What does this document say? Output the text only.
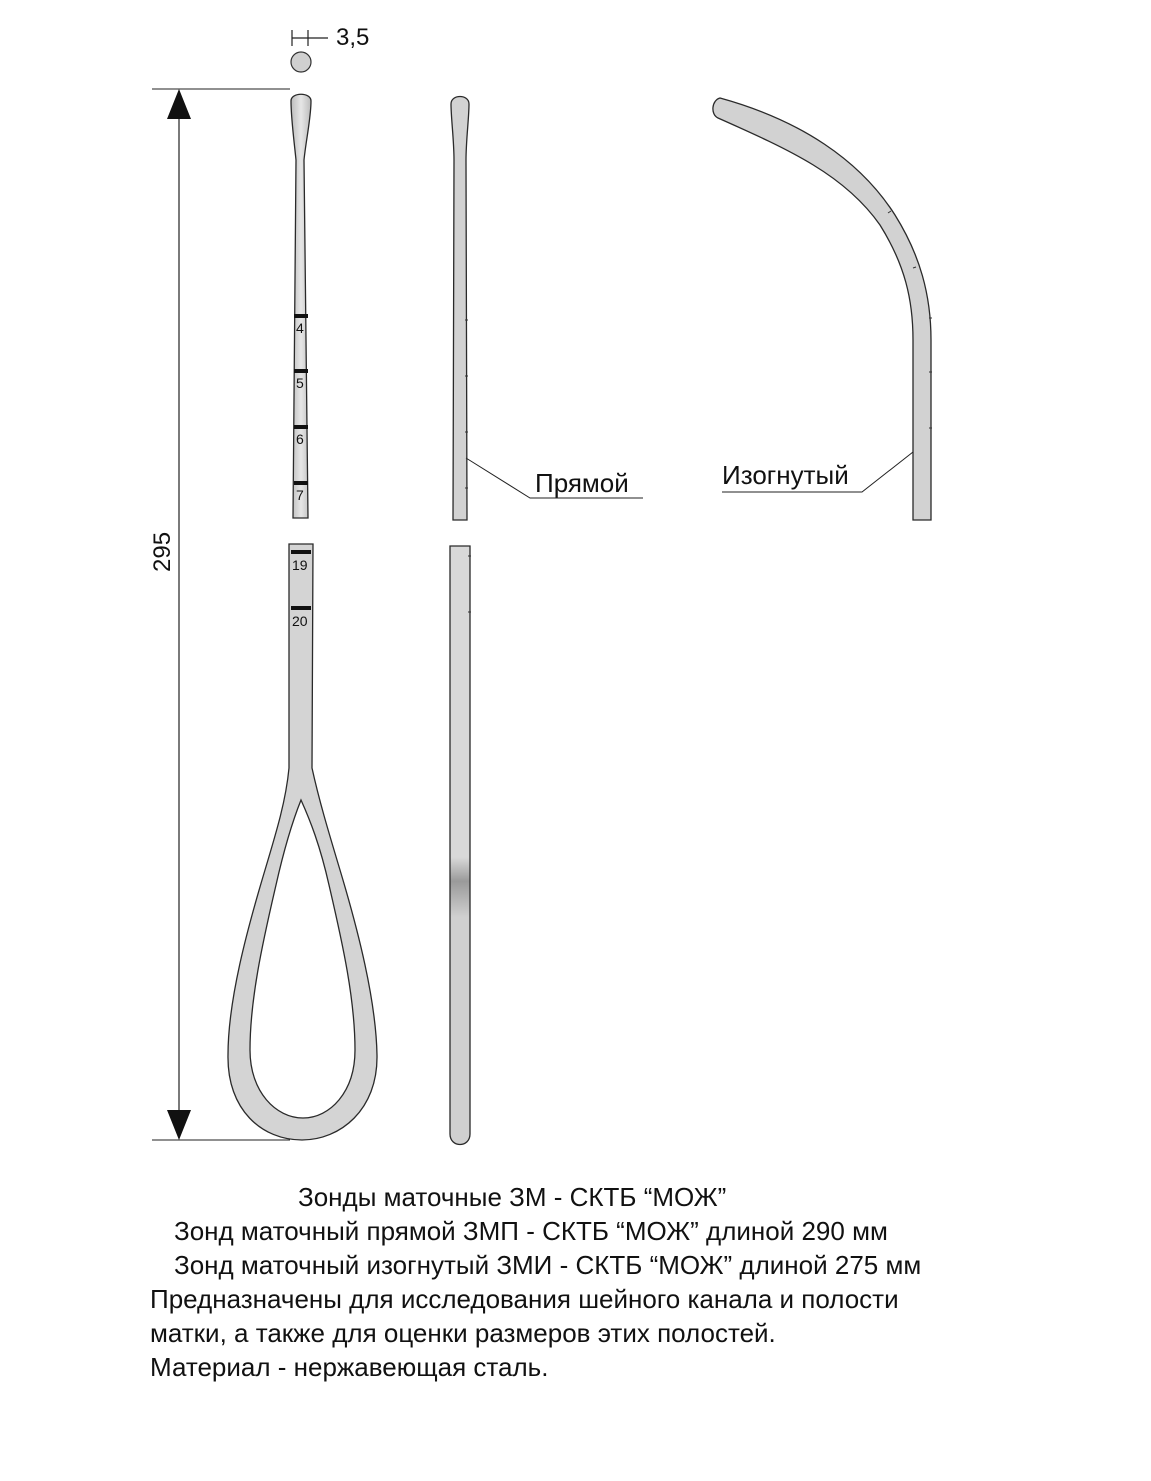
3,5
295
4
5
6
7
19
20
Прямой	Изогнутый
Зонды маточные ЗМ - СКТБ “МОЖ”
Зонд маточный прямой ЗМП - СКТБ “МОЖ” длиной 290 мм
Зонд маточный изогнутый ЗМИ - СКТБ “МОЖ” длиной 275 мм
Предназначены для исследования шейного канала и полости
матки, а также для оценки размеров этих полостей.
Материал - нержавеющая сталь.
